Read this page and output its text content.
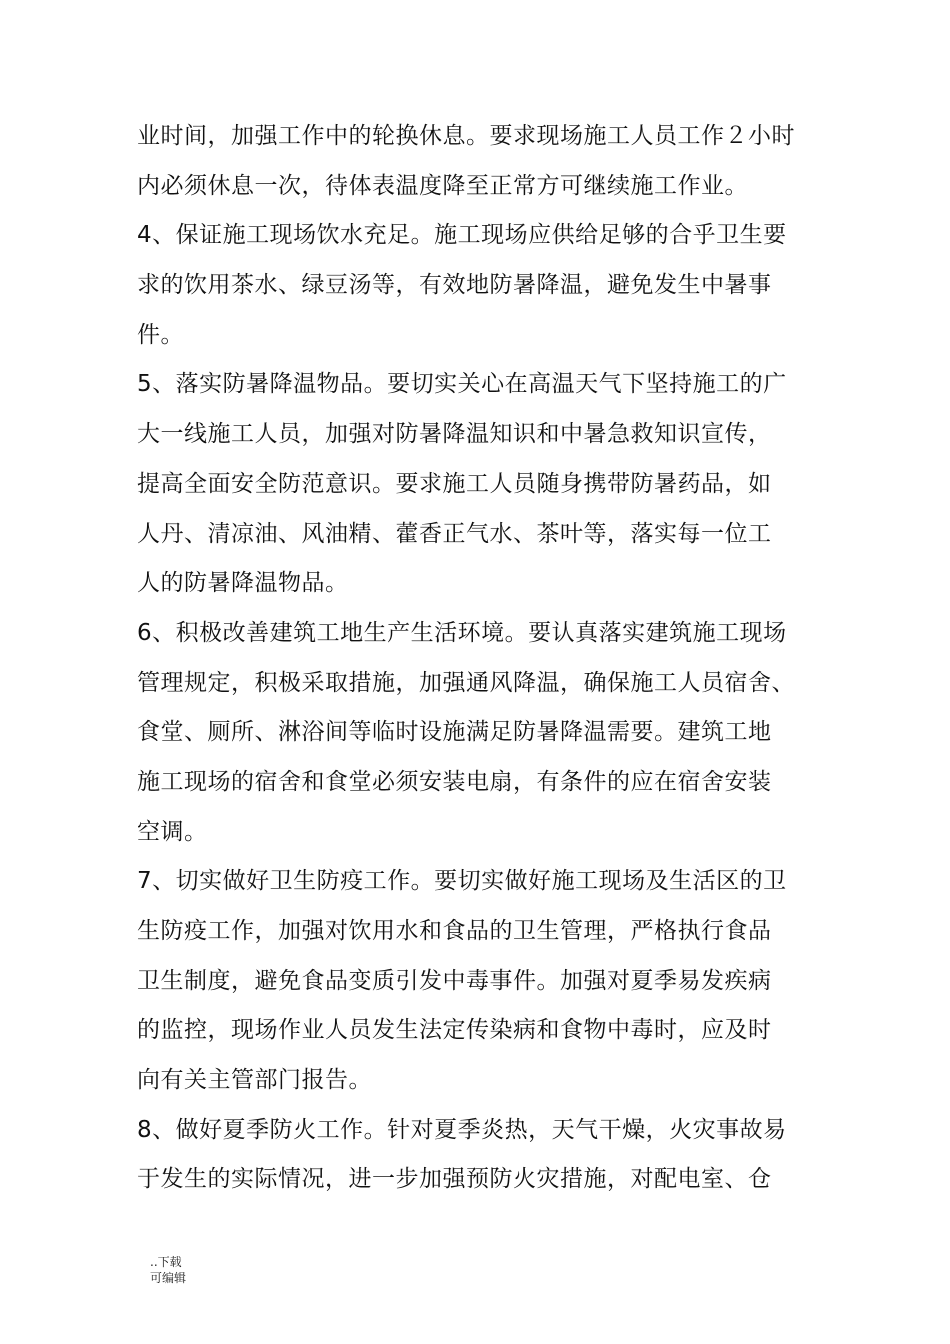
业时间，加强工作中的轮换休息。要求现场施工人员工作２小时
内必须休息一次，待体表温度降至正常方可继续施工作业。
4、保证施工现场饮水充足。施工现场应供给足够的合乎卫生要
求的饮用茶水、绿豆汤等，有效地防暑降温，避免发生中暑事
件。
5、落实防暑降温物品。要切实关心在高温天气下坚持施工的广
大一线施工人员，加强对防暑降温知识和中暑急救知识宣传，
提高全面安全防范意识。要求施工人员随身携带防暑药品，如
人丹、清凉油、风油精、藿香正气水、茶叶等，落实每一位工
人的防暑降温物品。
6、积极改善建筑工地生产生活环境。要认真落实建筑施工现场
管理规定，积极采取措施，加强通风降温，确保施工人员宿舍、
食堂、厕所、淋浴间等临时设施满足防暑降温需要。建筑工地
施工现场的宿舍和食堂必须安装电扇，有条件的应在宿舍安装
空调。
7、切实做好卫生防疫工作。要切实做好施工现场及生活区的卫
生防疫工作，加强对饮用水和食品的卫生管理，严格执行食品
卫生制度，避免食品变质引发中毒事件。加强对夏季易发疾病
的监控，现场作业人员发生法定传染病和食物中毒时，应及时
向有关主管部门报告。
8、做好夏季防火工作。针对夏季炎热，天气干燥，火灾事故易
于发生的实际情况，进一步加强预防火灾措施，对配电室、仓
..下载
可编辑
